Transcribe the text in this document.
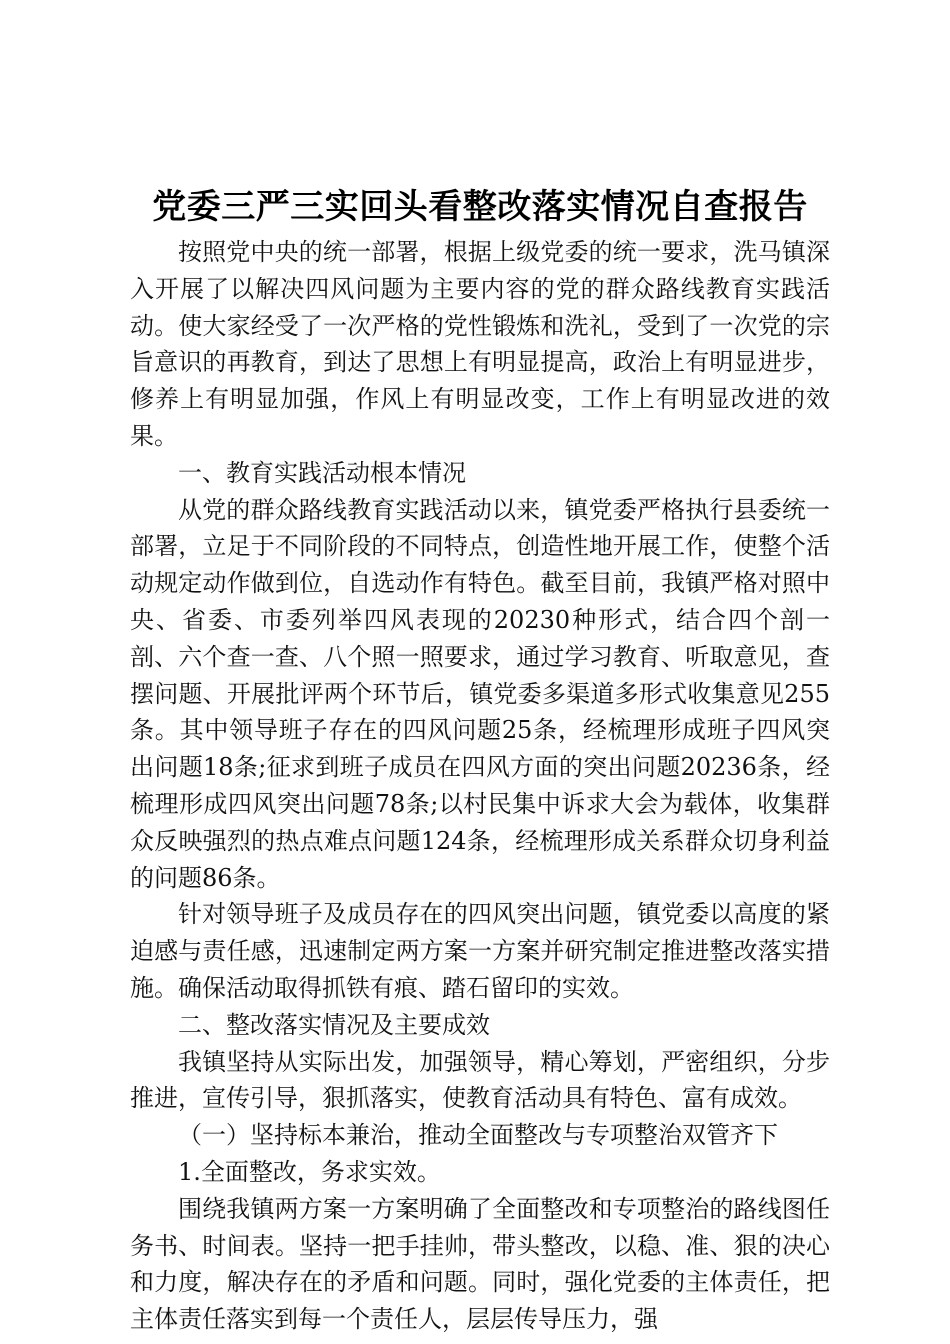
党委三严三实回头看整改落实情况自查报告

按照党中央的统一部署，根据上级党委的统一要求，洗马镇深入开展了以解决四风问题为主要内容的党的群众路线教育实践活动。使大家经受了一次严格的党性锻炼和洗礼，受到了一次党的宗旨意识的再教育，到达了思想上有明显提高，政治上有明显进步，修养上有明显加强，作风上有明显改变，工作上有明显改进的效果。

一、教育实践活动根本情况

从党的群众路线教育实践活动以来，镇党委严格执行县委统一部署，立足于不同阶段的不同特点，创造性地开展工作，使整个活动规定动作做到位，自选动作有特色。截至目前，我镇严格对照中央、省委、市委列举四风表现的20230种形式，结合四个剖一剖、六个查一查、八个照一照要求，通过学习教育、听取意见，查摆问题、开展批评两个环节后，镇党委多渠道多形式收集意见255条。其中领导班子存在的四风问题25条，经梳理形成班子四风突出问题18条;征求到班子成员在四风方面的突出问题20236条，经梳理形成四风突出问题78条;以村民集中诉求大会为载体，收集群众反映强烈的热点难点问题124条，经梳理形成关系群众切身利益的问题86条。

针对领导班子及成员存在的四风突出问题，镇党委以高度的紧迫感与责任感，迅速制定两方案一方案并研究制定推进整改落实措施。确保活动取得抓铁有痕、踏石留印的实效。

二、整改落实情况及主要成效

我镇坚持从实际出发，加强领导，精心筹划，严密组织，分步推进，宣传引导，狠抓落实，使教育活动具有特色、富有成效。

（一）坚持标本兼治，推动全面整改与专项整治双管齐下

1.全面整改，务求实效。

围绕我镇两方案一方案明确了全面整改和专项整治的路线图任务书、时间表。坚持一把手挂帅，带头整改，以稳、准、狠的决心和力度，解决存在的矛盾和问题。同时，强化党委的主体责任，把主体责任落实到每一个责任人，层层传导压力，强
